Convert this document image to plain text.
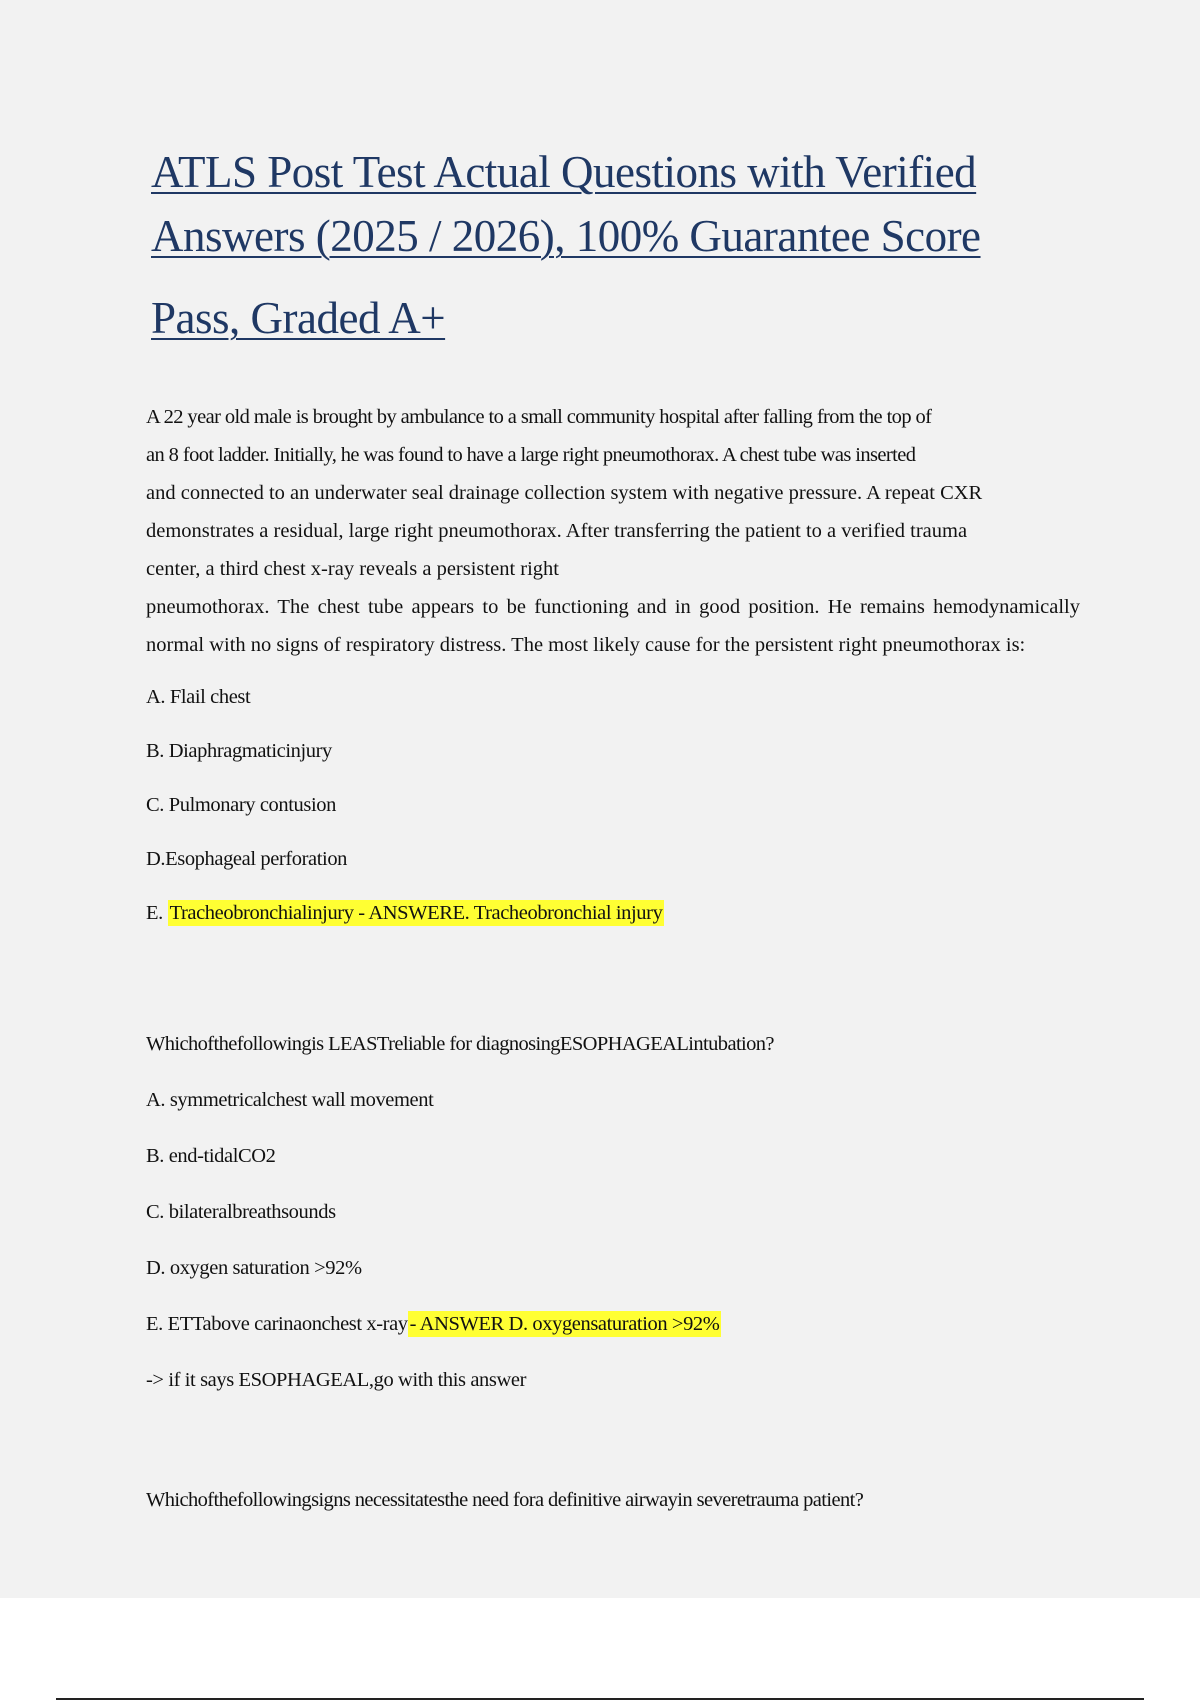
ATLS Post Test Actual Questions with Verified
Answers (2025 / 2026), 100% Guarantee Score
Pass, Graded A+
A 22 year old male is brought by ambulance to a small community hospital after falling from the top of
an 8 foot ladder. Initially, he was found to have a large right pneumothorax. A chest tube was inserted
and connected to an underwater seal drainage collection system with negative pressure. A repeat CXR
demonstrates a residual, large right pneumothorax. After transferring the patient to a verified trauma
center, a third chest x-ray reveals a persistent right
pneumothorax. The chest tube appears to be functioning and in good position. He remains hemodynamically normal with no signs of respiratory distress. The most likely cause for the persistent right pneumothorax is:

A. Flail chest

B. Diaphragmaticinjury

C. Pulmonary contusion

D.Esophageal perforation

E. Tracheobronchialinjury - ANSWERE. Tracheobronchial injury

Whichofthefollowingis LEASTreliable for diagnosingESOPHAGEALintubation?

A. symmetricalchest wall movement

B. end-tidalCO2

C. bilateralbreathsounds

D. oxygen saturation >92%

E. ETTabove carinaonchest x-ray- ANSWER D. oxygensaturation >92%

-> if it says ESOPHAGEAL,go with this answer

Whichofthefollowingsigns necessitatesthe need fora definitive airwayin severetrauma patient?
